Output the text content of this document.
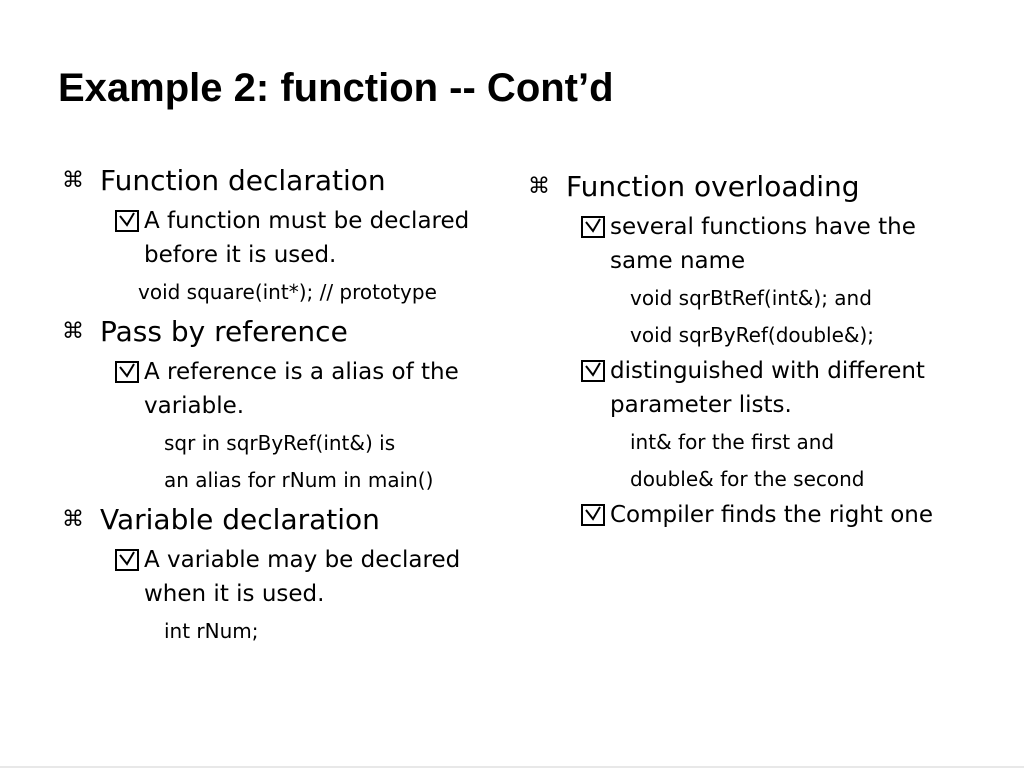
Example 2: function -- Cont’d
⌘ Function declaration
A function must be declared before it is used.
void square(int*); // prototype
⌘ Pass by reference
A reference is a alias of the variable.
sqr in sqrByRef(int&) is
an alias for rNum in main()
⌘ Variable declaration
A variable may be declared when it is used.
int rNum;
⌘ Function overloading
several functions have the same name
void sqrBtRef(int&); and
void sqrByRef(double&);
distinguished with different parameter lists.
int& for the first and
double& for the second
Compiler finds the right one
